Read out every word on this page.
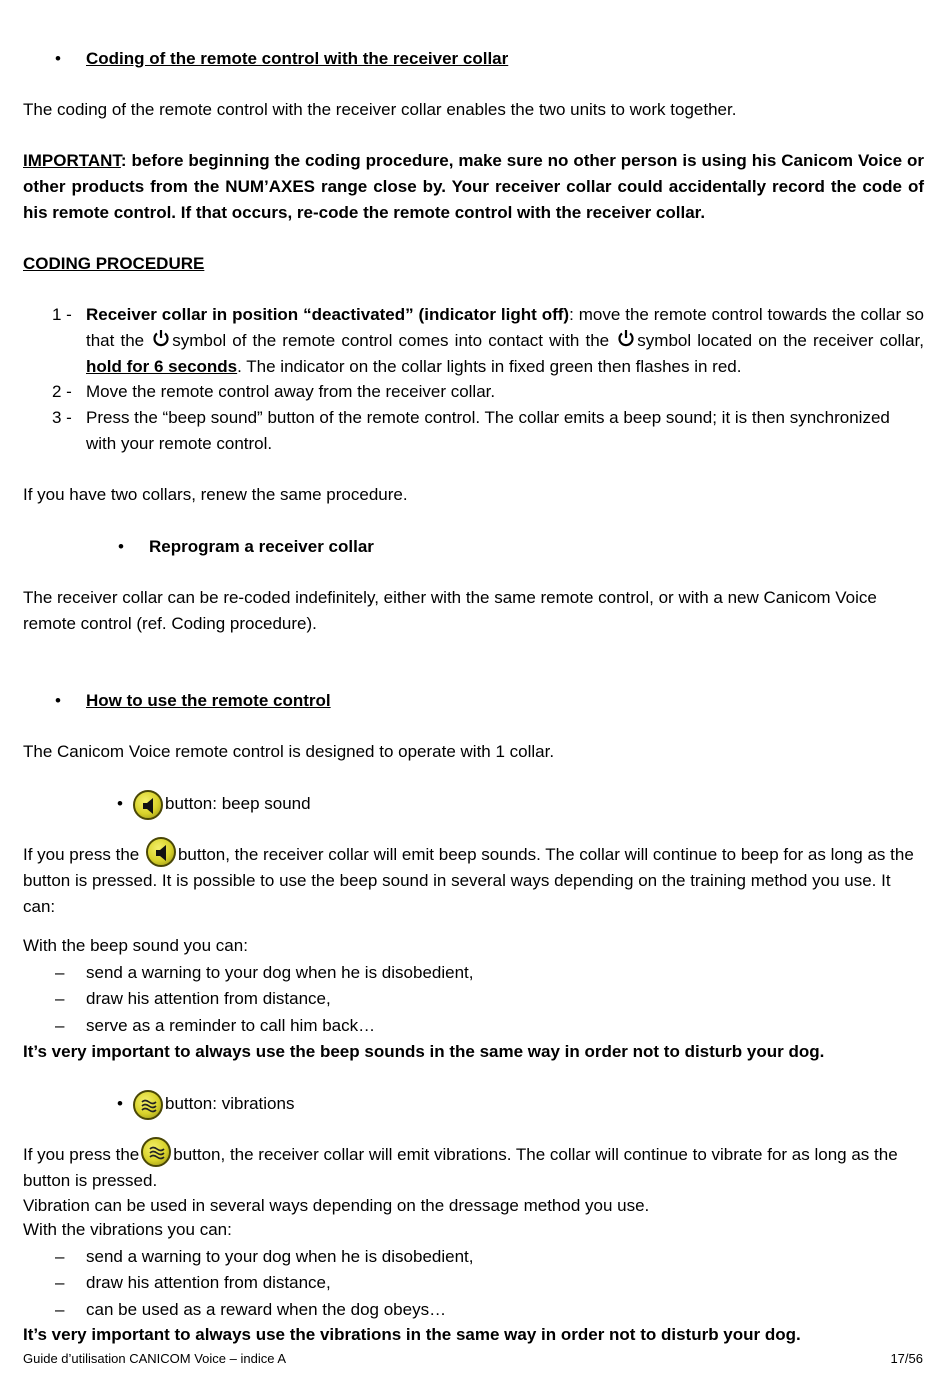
• Coding of the remote control with the receiver collar
The coding of the remote control with the receiver collar enables the two units to work together.
IMPORTANT: before beginning the coding procedure, make sure no other person is using his Canicom Voice or other products from the NUM’AXES range close by. Your receiver collar could accidentally record the code of his remote control. If that occurs, re-code the remote control with the receiver collar.
CODING PROCEDURE
1 - Receiver collar in position “deactivated” (indicator light off): move the remote control towards the collar so that the symbol of the remote control comes into contact with the symbol located on the receiver collar, hold for 6 seconds. The indicator on the collar lights in fixed green then flashes in red.
2 - Move the remote control away from the receiver collar.
3 - Press the “beep sound” button of the remote control. The collar emits a beep sound; it is then synchronized with your remote control.
If you have two collars, renew the same procedure.
• Reprogram a receiver collar
The receiver collar can be re-coded indefinitely, either with the same remote control, or with a new Canicom Voice remote control (ref. Coding procedure).
• How to use the remote control
The Canicom Voice remote control is designed to operate with 1 collar.
•	button: beep sound
If you press the button, the receiver collar will emit beep sounds. The collar will continue to beep for as long as the button is pressed. It is possible to use the beep sound in several ways depending on the training method you use. It can:
With the beep sound you can:
– send a warning to your dog when he is disobedient,
– draw his attention from distance,
– serve as a reminder to call him back…
It’s very important to always use the beep sounds in the same way in order not to disturb your dog.
•	button: vibrations
If you press the button, the receiver collar will emit vibrations. The collar will continue to vibrate for as long as the button is pressed.
Vibration can be used in several ways depending on the dressage method you use.
With the vibrations you can:
– send a warning to your dog when he is disobedient,
– draw his attention from distance,
– can be used as a reward when the dog obeys…
It’s very important to always use the vibrations in the same way in order not to disturb your dog.
Guide d’utilisation CANICOM Voice – indice A	17/56
